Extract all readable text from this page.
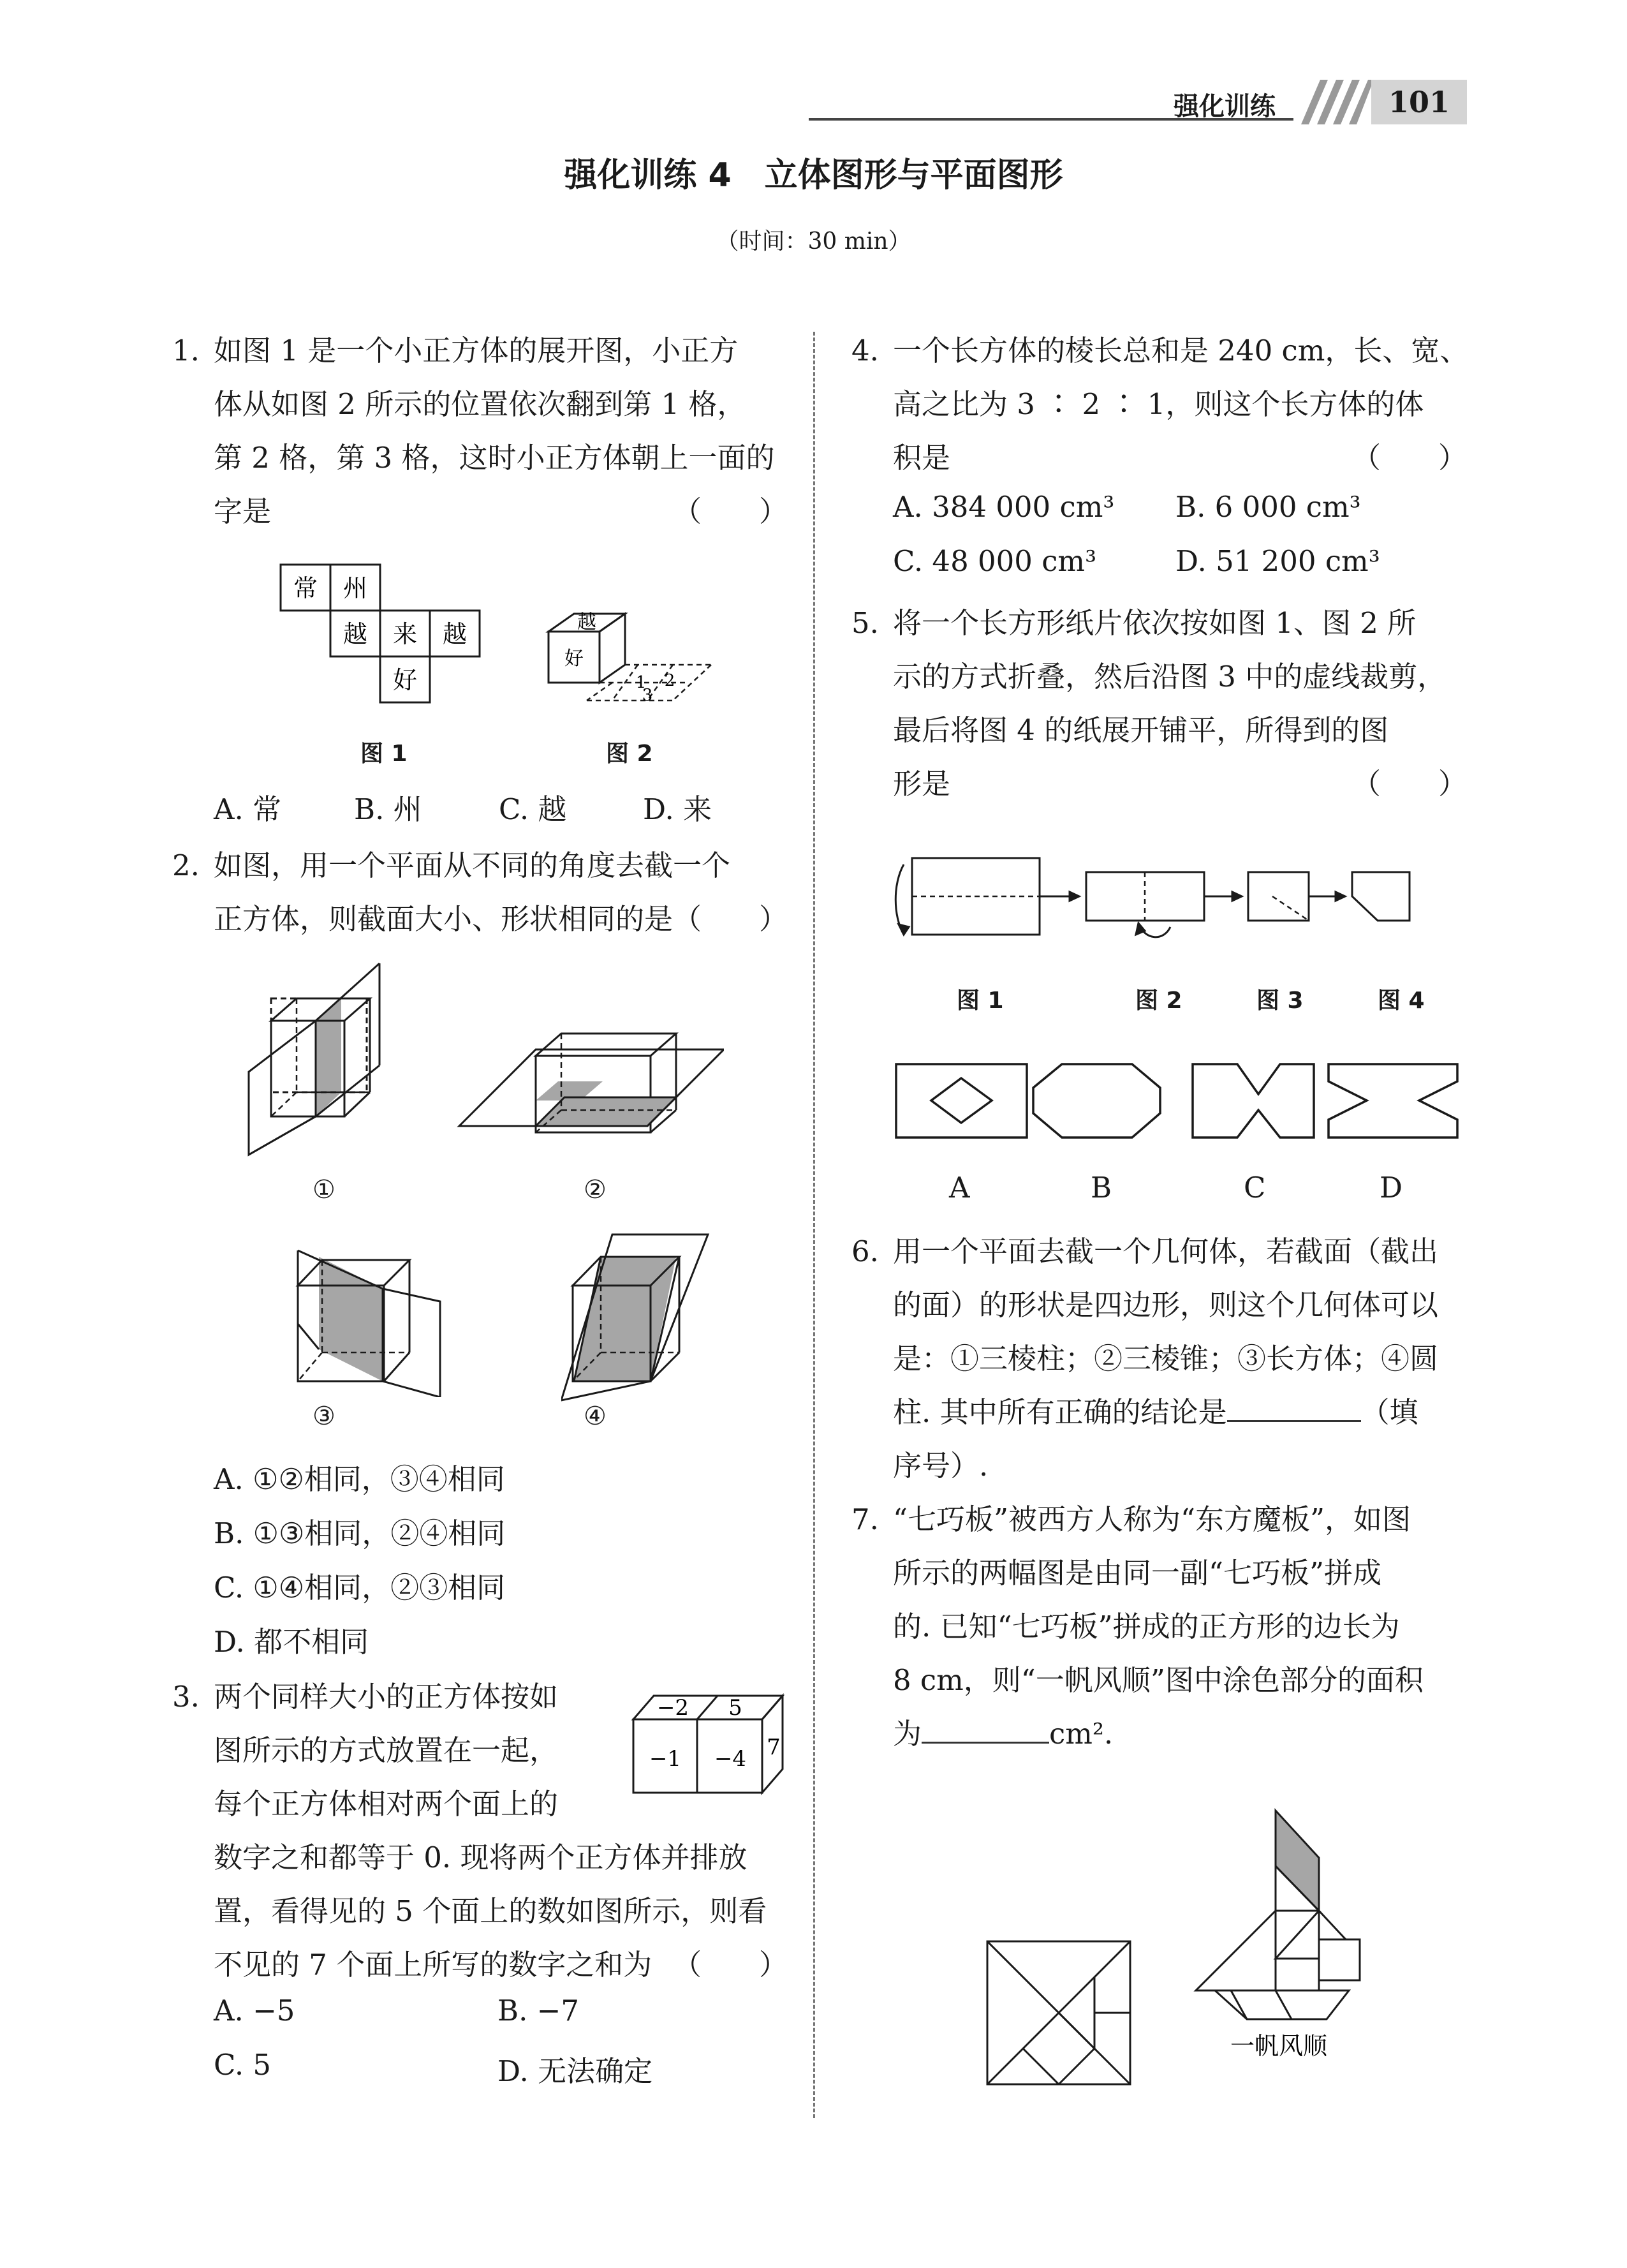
强化训练	101
强化训练 4　立体图形与平面图形
（时间：30 min）
1. 如图 1 是一个小正方体的展开图，小正方
体从如图 2 所示的位置依次翻到第 1 格，
第 2 格，第 3 格，这时小正方体朝上一面的
字是	（　　）
常 州
越 来 越
好
越
好
1 2
3
图 1	图 2
A. 常	B. 州	C. 越	D. 来
2. 如图，用一个平面从不同的角度去截一个
正方体，则截面大小、形状相同的是 （　　）
①	②
③	④
A. ①②相同，③④相同
B. ①③相同，②④相同
C. ①④相同，②③相同
D. 都不相同
3. 两个同样大小的正方体按如
图所示的方式放置在一起，
每个正方体相对两个面上的
−2 5
−1 −4 7
数字之和都等于 0. 现将两个正方体并排放
置，看得见的 5 个面上的数如图所示，则看
不见的 7 个面上所写的数字之和为 （　　）
A. −5	B. −7
C. 5	D. 无法确定
4. 一个长方体的棱长总和是 240 cm，长、宽、
高之比为 3 ∶ 2 ∶ 1，则这个长方体的体
积是	（　　）
A. 384 000 cm³ B. 6 000 cm³
C. 48 000 cm³	D. 51 200 cm³
5. 将一个长方形纸片依次按如图 1、图 2 所
示的方式折叠，然后沿图 3 中的虚线裁剪，
最后将图 4 的纸展开铺平，所得到的图
形是	（　　）
图 1	图 2	图 3	图 4
A	B	C	D
6. 用一个平面去截一个几何体，若截面（截出
的面）的形状是四边形，则这个几何体可以
是：①三棱柱；②三棱锥；③长方体；④圆
柱. 其中所有正确的结论是	（填
序号）.
7. “七巧板”被西方人称为“东方魔板”，如图
所示的两幅图是由同一副“七巧板”拼成
的. 已知“七巧板”拼成的正方形的边长为
8 cm，则“一帆风顺”图中涂色部分的面积
为	cm².
一帆风顺
